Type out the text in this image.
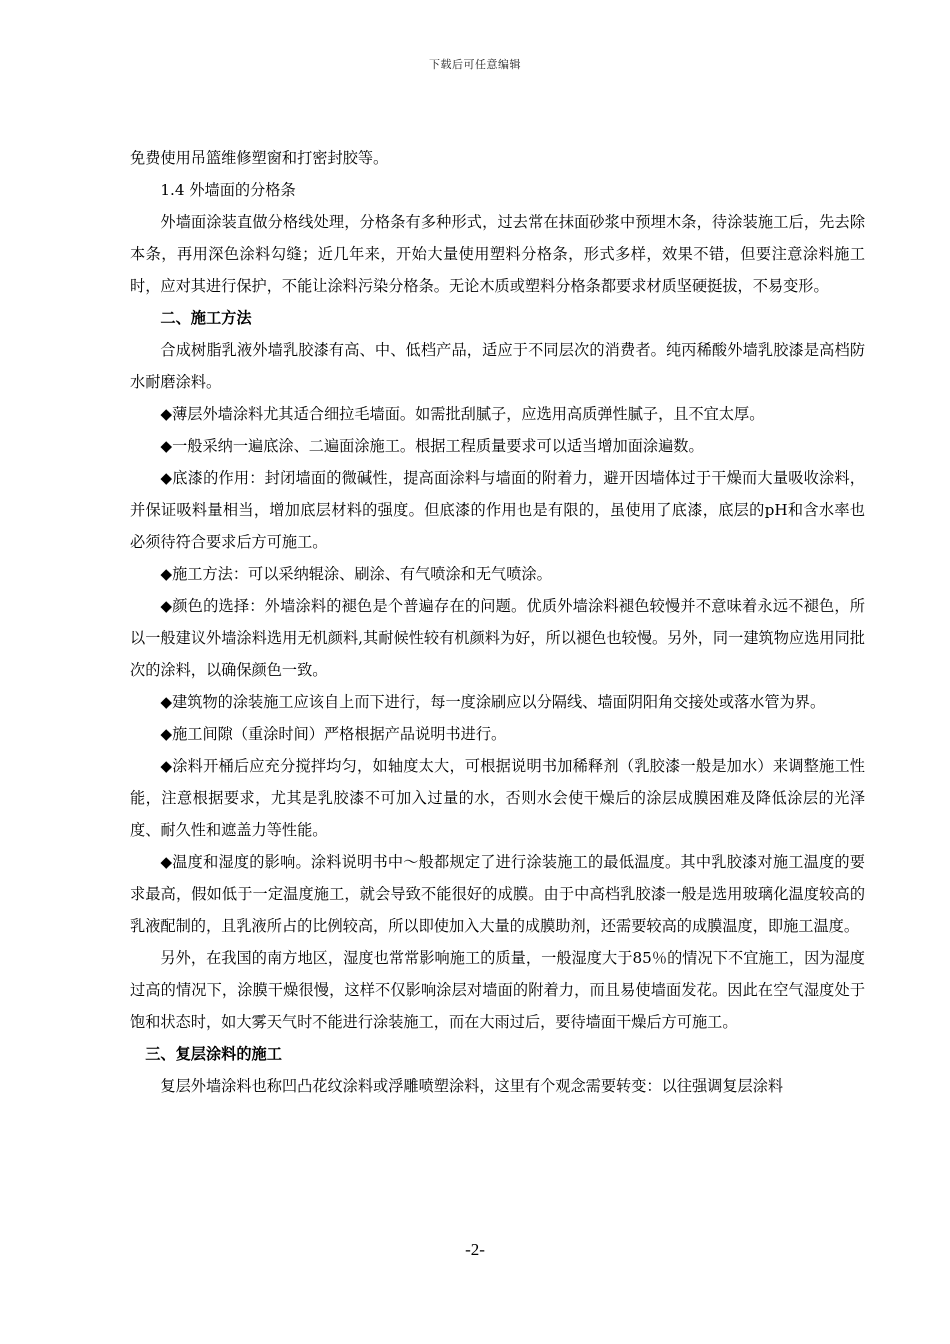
下载后可任意编辑

免费使用吊篮维修塑窗和打密封胶等。

1.4 外墙面的分格条

外墙面涂装直做分格线处理，分格条有多种形式，过去常在抹面砂浆中预埋木条，待涂装施工后，先去除本条，再用深色涂料勾缝；近几年来，开始大量使用塑料分格条，形式多样，效果不错，但要注意涂料施工时，应对其进行保护，不能让涂料污染分格条。无论木质或塑料分格条都要求材质坚硬挺拔，不易变形。

二、施工方法

合成树脂乳液外墙乳胶漆有高、中、低档产品，适应于不同层次的消费者。纯丙稀酸外墙乳胶漆是高档防水耐磨涂料。

◆薄层外墙涂料尤其适合细拉毛墙面。如需批刮腻子，应选用高质弹性腻子，且不宜太厚。

◆一般采纳一遍底涂、二遍面涂施工。根据工程质量要求可以适当增加面涂遍数。

◆底漆的作用：封闭墙面的微碱性，提高面涂料与墙面的附着力，避开因墙体过于干燥而大量吸收涂料，并保证吸料量相当，增加底层材料的强度。但底漆的作用也是有限的，虽使用了底漆，底层的pH和含水率也必须待符合要求后方可施工。

◆施工方法：可以采纳辊涂、刷涂、有气喷涂和无气喷涂。

◆颜色的选择：外墙涂料的褪色是个普遍存在的问题。优质外墙涂料褪色较慢并不意味着永远不褪色，所以一般建议外墙涂料选用无机颜料,其耐候性较有机颜料为好，所以褪色也较慢。另外，同一建筑物应选用同批次的涂料，以确保颜色一致。

◆建筑物的涂装施工应该自上而下进行，每一度涂刷应以分隔线、墙面阴阳角交接处或落水管为界。

◆施工间隙（重涂时间）严格根据产品说明书进行。

◆涂料开桶后应充分搅拌均匀，如轴度太大，可根据说明书加稀释剂（乳胶漆一般是加水）来调整施工性能，注意根据要求，尤其是乳胶漆不可加入过量的水，否则水会使干燥后的涂层成膜困难及降低涂层的光泽度、耐久性和遮盖力等性能。

◆温度和湿度的影响。涂料说明书中～般都规定了进行涂装施工的最低温度。其中乳胶漆对施工温度的要求最高，假如低于一定温度施工，就会导致不能很好的成膜。由于中高档乳胶漆一般是选用玻璃化温度较高的乳液配制的，且乳液所占的比例较高，所以即使加入大量的成膜助剂，还需要较高的成膜温度，即施工温度。

另外，在我国的南方地区，湿度也常常影响施工的质量，一般湿度大于85％的情况下不宜施工，因为湿度过高的情况下，涂膜干燥很慢，这样不仅影响涂层对墙面的附着力，而且易使墙面发花。因此在空气湿度处于饱和状态时，如大雾天气时不能进行涂装施工，而在大雨过后，要待墙面干燥后方可施工。

三、复层涂料的施工

复层外墙涂料也称凹凸花纹涂料或浮雕喷塑涂料，这里有个观念需要转变：以往强调复层涂料

-2-
